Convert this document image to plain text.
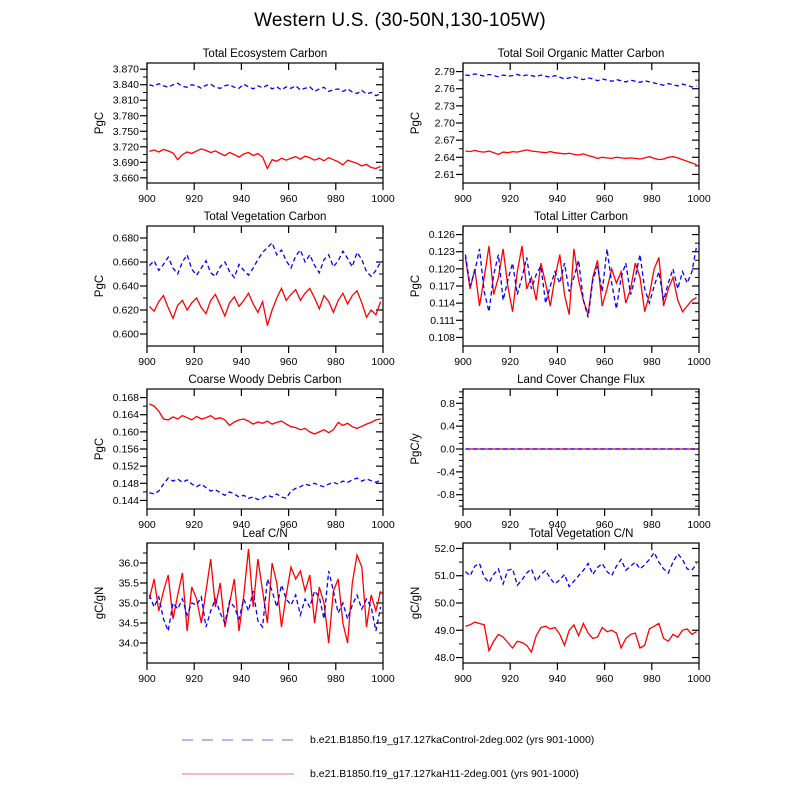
Western U.S. (30-50N,130-105W)
Total Ecosystem Carbon
PgC
900	920	940	960	980	1000
3.660
3.690
3.720
3.750
3.780
3.810
3.840
3.870
Total Soil Organic Matter Carbon
PgC
900	920	940	960	980	1000
2.61
2.64
2.67
2.70
2.73
2.76
2.79
Total Vegetation Carbon
PgC
900	920	940	960	980	1000
0.600
0.620
0.640
0.660
0.680
Total Litter Carbon
PgC
900	920	940	960	980	1000
0.108
0.111
0.114
0.117
0.120
0.123
0.126
Coarse Woody Debris Carbon
PgC
900	920	940	960	980	1000
0.144
0.148
0.152
0.156
0.160
0.164
0.168
Land Cover Change Flux
PgC/y
900	920	940	960	980	1000
-0.8
-0.4
0.0
0.4
0.8
Leaf C/N
gC/gN
900	920	940	960	980	1000
34.0
34.5
35.0
35.5
36.0
Total Vegetation C/N
gC/gN
900	920	940	960	980	1000
48.0
49.0
50.0
51.0
52.0
b.e21.B1850.f19_g17.127kaControl-2deg.002 (yrs 901-1000)
b.e21.B1850.f19_g17.127kaH11-2deg.001 (yrs 901-1000)
